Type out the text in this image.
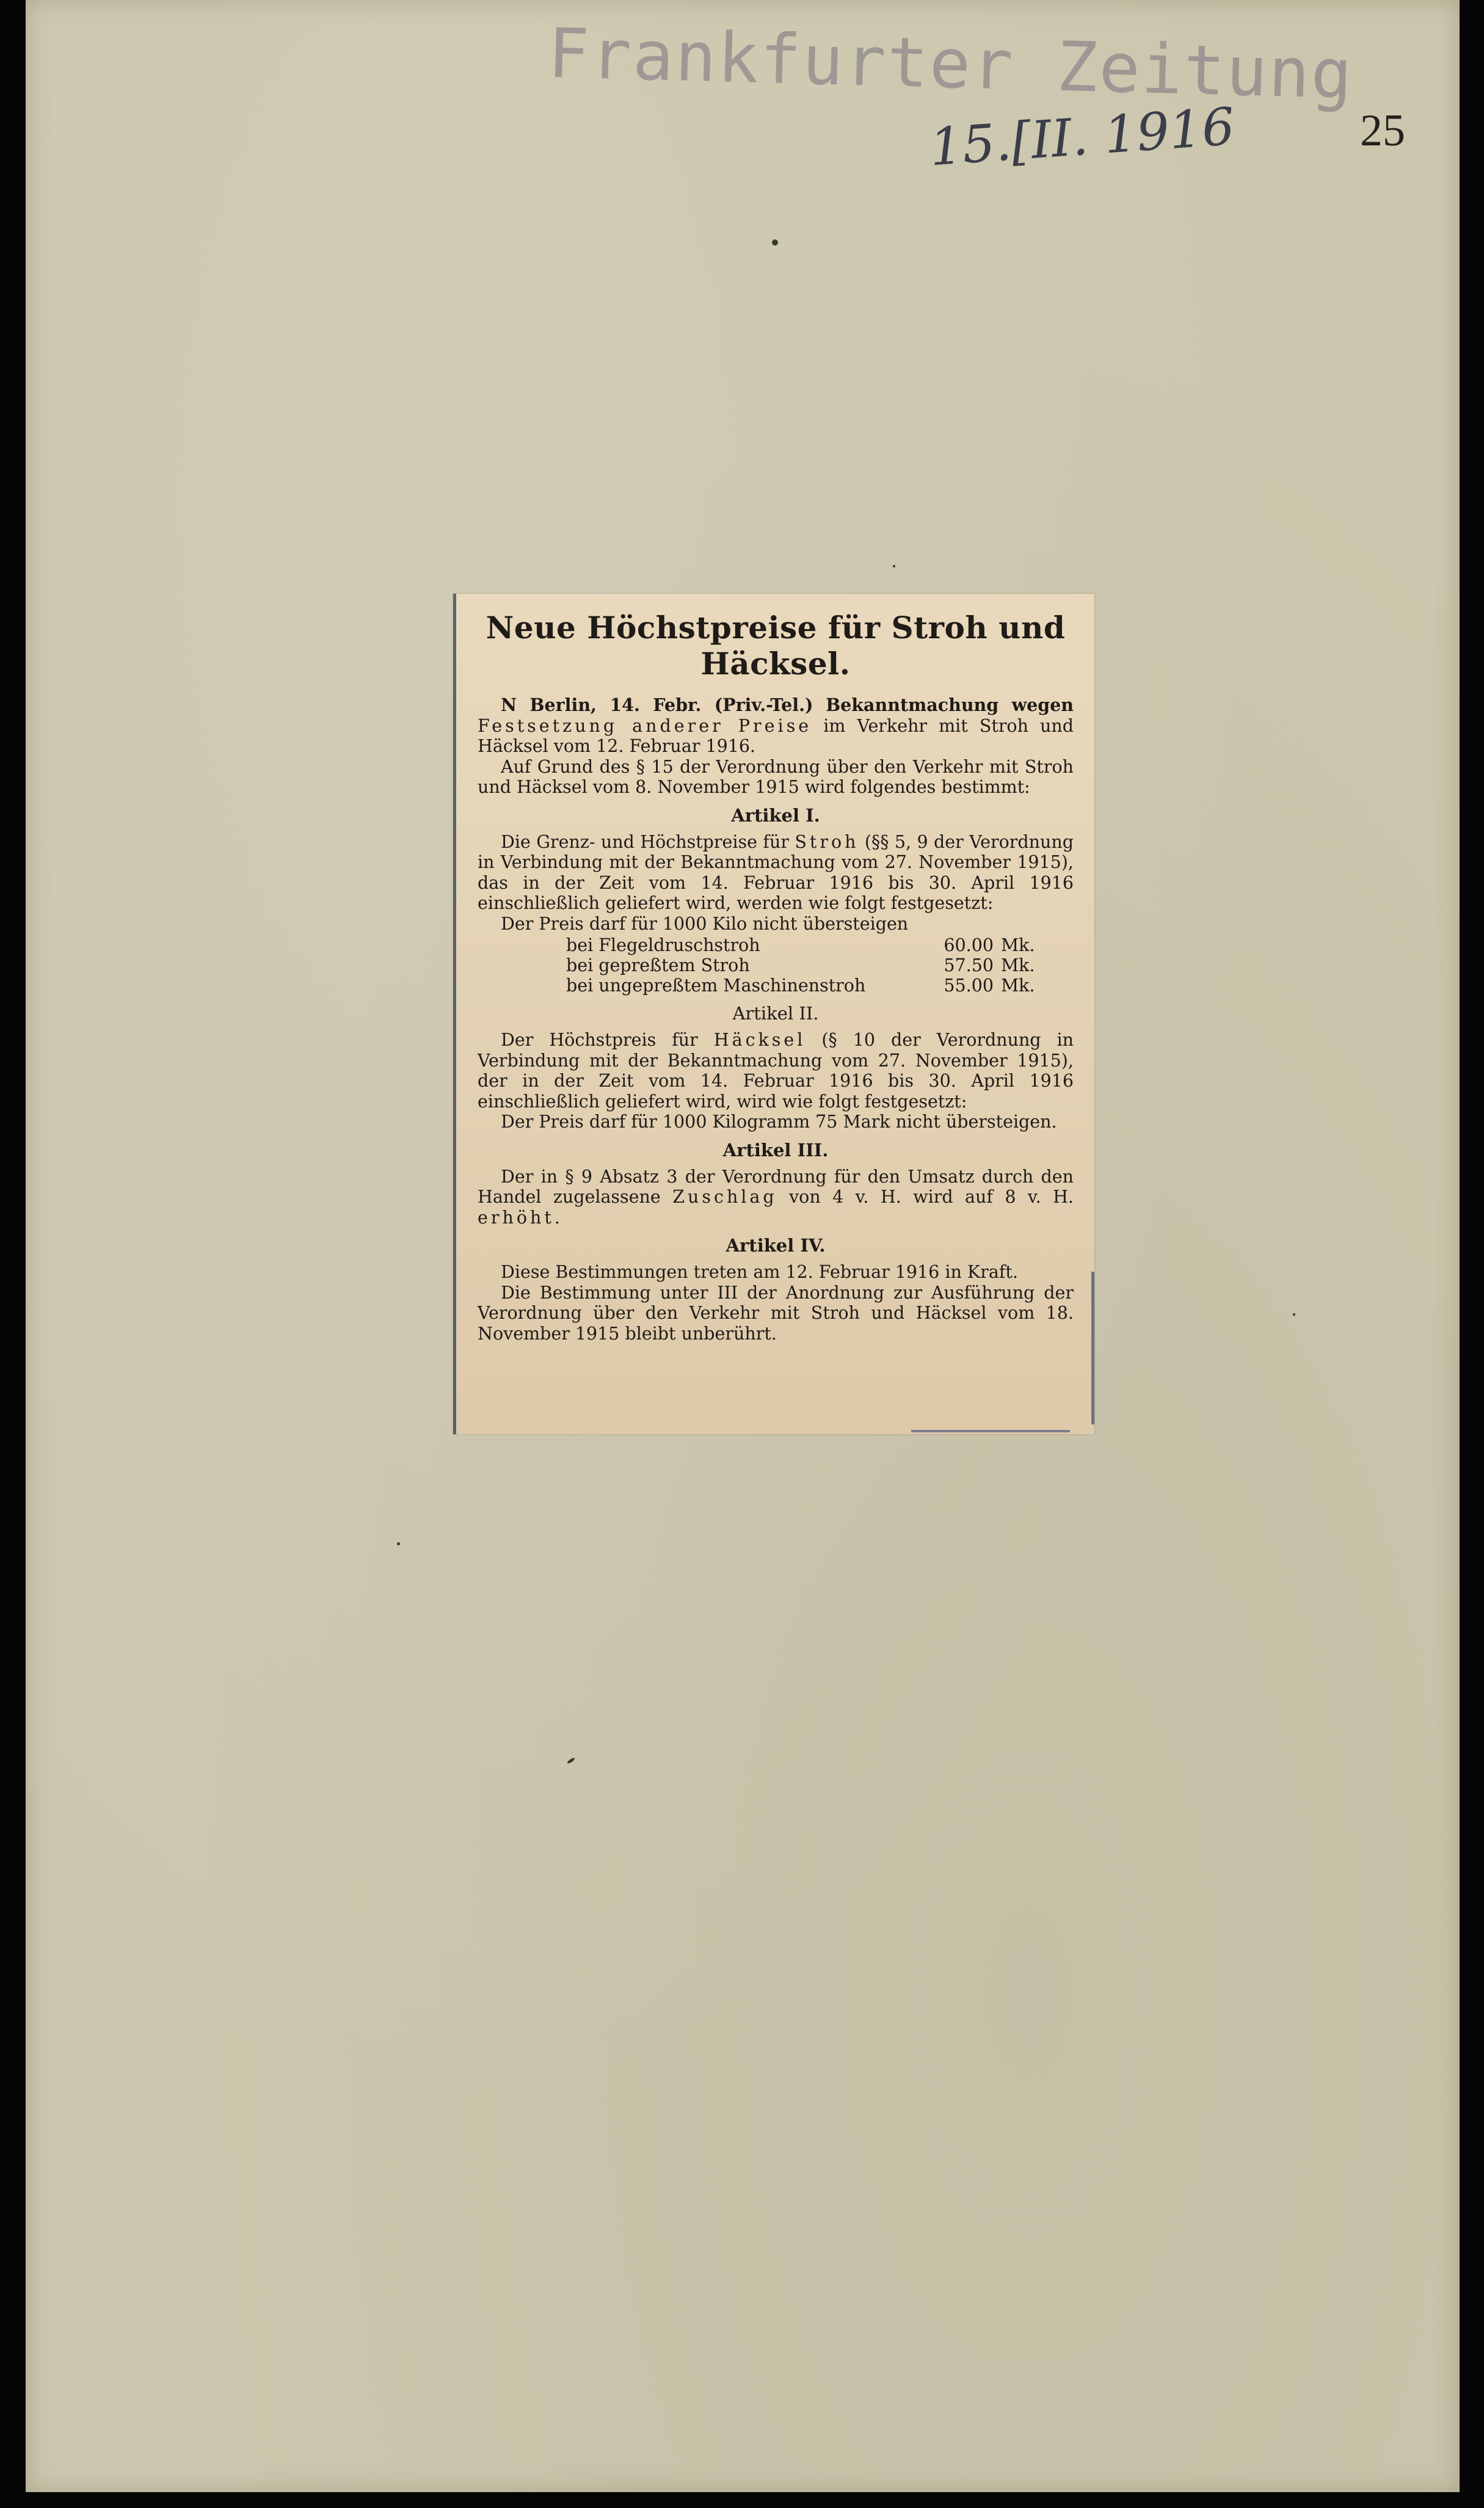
Frankfurter Zeitung
15.[II. 1916	25
Neue Höchstpreise für Stroh und Häcksel.

N Berlin, 14. Febr. (Priv.-Tel.) Bekanntmachung wegen Festsetzung anderer Preise im Verkehr mit Stroh und Häcksel vom 12. Februar 1916.

Auf Grund des § 15 der Verordnung über den Verkehr mit Stroh und Häcksel vom 8. November 1915 wird folgendes bestimmt:

Artikel I.

Die Grenz- und Höchstpreise für Stroh (§§ 5, 9 der Verordnung in Verbindung mit der Bekanntmachung vom 27. November 1915), das in der Zeit vom 14. Februar 1916 bis 30. April 1916 einschließlich geliefert wird, werden wie folgt festgesetzt:

Der Preis darf für 1000 Kilo nicht übersteigen

bei Flegeldruschstroh	60.00	Mk.
bei gepreßtem Stroh	57.50	Mk.
bei ungepreßtem Maschinenstroh	55.00	Mk.
Artikel II.

Der Höchstpreis für Häcksel (§ 10 der Verordnung in Verbindung mit der Bekanntmachung vom 27. November 1915), der in der Zeit vom 14. Februar 1916 bis 30. April 1916 einschließlich geliefert wird, wird wie folgt festgesetzt:

Der Preis darf für 1000 Kilogramm 75 Mark nicht übersteigen.

Artikel III.

Der in § 9 Absatz 3 der Verordnung für den Umsatz durch den Handel zugelassene Zuschlag von 4 v. H. wird auf 8 v. H. erhöht.

Artikel IV.

Diese Bestimmungen treten am 12. Februar 1916 in Kraft.

Die Bestimmung unter III der Anordnung zur Ausführung der Verordnung über den Verkehr mit Stroh und Häcksel vom 18. November 1915 bleibt unberührt.
